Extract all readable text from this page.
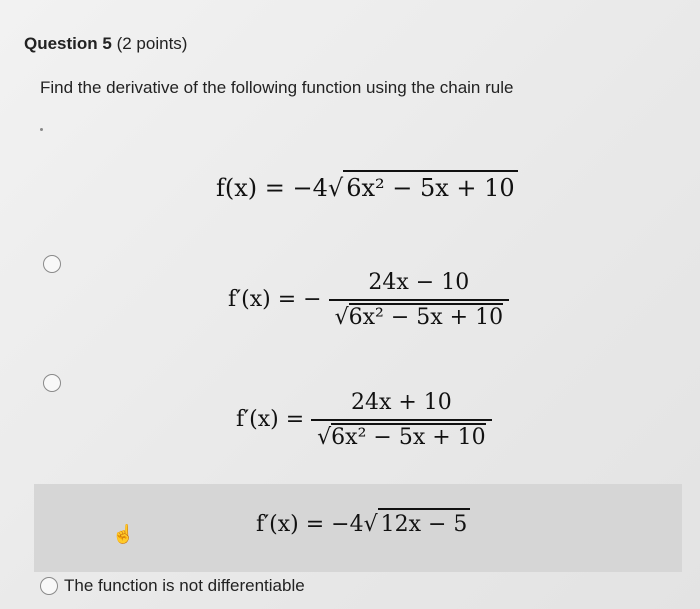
Question 5 (2 points)
Find the derivative of the following function using the chain rule
f(x) = −4√ 6x² − 5x + 10
f′(x) = − $\frac{24x - 10}{\text{√6x² − 5x + 10}}$
$f'(x) = \frac{24x + 10}{\text{√6x² − 5x + 10}}$
☝	f′(x) = −4√ 12x − 5
The function is not differentiable
